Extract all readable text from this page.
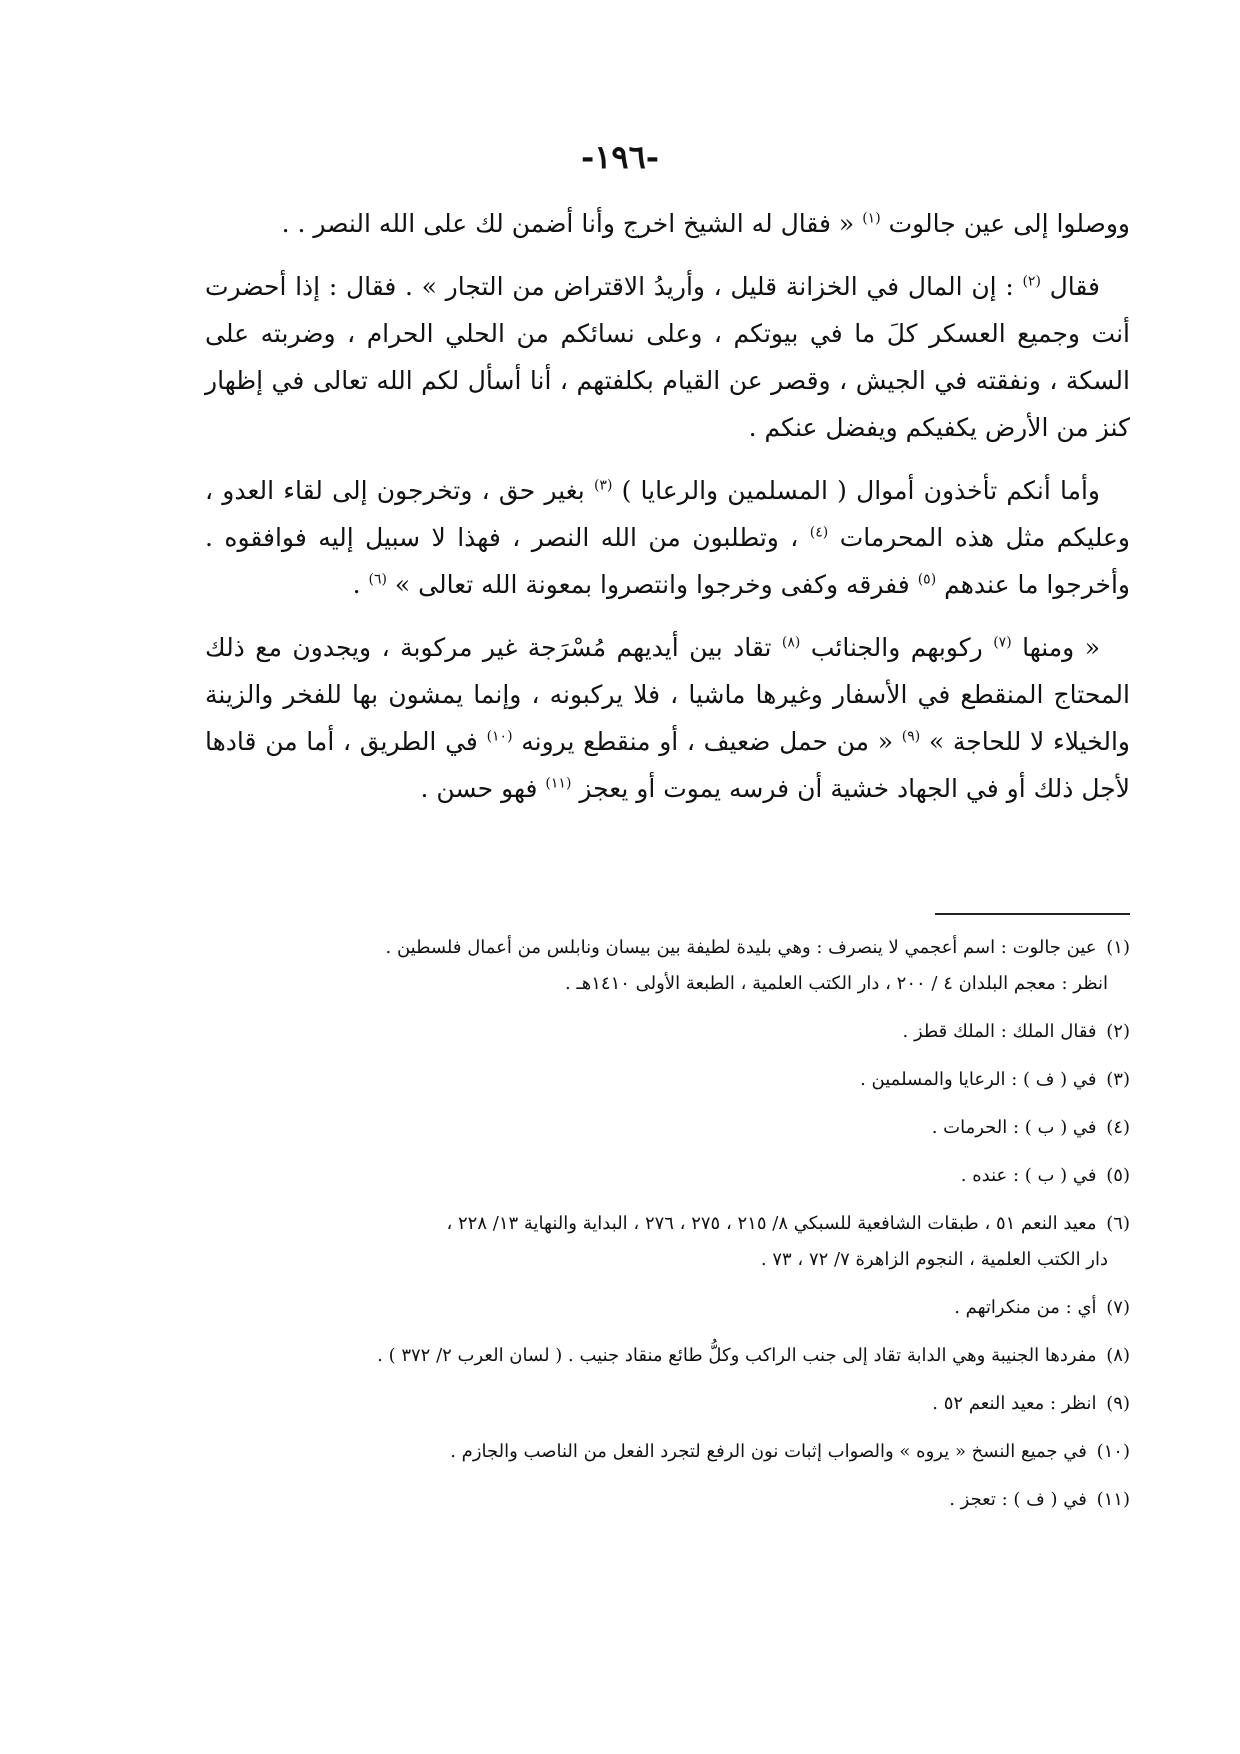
-١٩٦-

ووصلوا إلى عين جالوت $^{(١)}$ « فقال له الشيخ اخرج وأنا أضمن لك على الله النصر . .

فقال $^{(٢)}$ : إن المال في الخزانة قليل ، وأريدُ الاقتراض من التجار » . فقال : إذا أحضرت أنت وجميع العسكر كلَ ما في بيوتكم ، وعلى نسائكم من الحلي الحرام ، وضربته على السكة ، ونفقته في الجيش ، وقصر عن القيام بكلفتهم ، أنا أسأل لكم الله تعالى في إظهار كنز من الأرض يكفيكم ويفضل عنكم .

وأما أنكم تأخذون أموال ( المسلمين والرعايا ) $^{(٣)}$ بغير حق ، وتخرجون إلى لقاء العدو ، وعليكم مثل هذه المحرمات $^{(٤)}$ ، وتطلبون من الله النصر ، فهذا لا سبيل إليه فوافقوه . وأخرجوا ما عندهم $^{(٥)}$ ففرقه وكفى وخرجوا وانتصروا بمعونة الله تعالى » $^{(٦)}$ .

« ومنها $^{(٧)}$ ركوبهم والجنائب $^{(٨)}$ تقاد بين أيديهم مُسْرَجة غير مركوبة ، ويجدون مع ذلك المحتاج المنقطع في الأسفار وغيرها ماشيا ، فلا يركبونه ، وإنما يمشون بها للفخر والزينة والخيلاء لا للحاجة » $^{(٩)}$ « من حمل ضعيف ، أو منقطع يرونه $^{(١٠)}$ في الطريق ، أما من قادها لأجل ذلك أو في الجهاد خشية أن فرسه يموت أو يعجز $^{(١١)}$ فهو حسن .

(١) عين جالوت : اسم أعجمي لا ينصرف : وهي بليدة لطيفة بين بيسان ونابلس من أعمال فلسطين .
انظر : معجم البلدان ٤ / ٢٠٠ ، دار الكتب العلمية ، الطبعة الأولى ١٤١٠هـ .
(٢) فقال الملك : الملك قطز .
(٣) في ( ف ) : الرعايا والمسلمين .
(٤) في ( ب ) : الحرمات .
(٥) في ( ب ) : عنده .
(٦) معيد النعم ٥١ ، طبقات الشافعية للسبكي ٨/ ٢١٥ ، ٢٧٥ ، ٢٧٦ ، البداية والنهاية ١٣/ ٢٢٨ ،
دار الكتب العلمية ، النجوم الزاهرة ٧/ ٧٢ ، ٧٣ .
(٧) أي : من منكراتهم .
(٨) مفردها الجنيبة وهي الدابة تقاد إلى جنب الراكب وكلُّ طائع منقاد جنيب . ( لسان العرب ٢/ ٣٧٢ ) .
(٩) انظر : معيد النعم ٥٢ .
(١٠) في جميع النسخ « يروه » والصواب إثبات نون الرفع لتجرد الفعل من الناصب والجازم .
(١١) في ( ف ) : تعجز .
